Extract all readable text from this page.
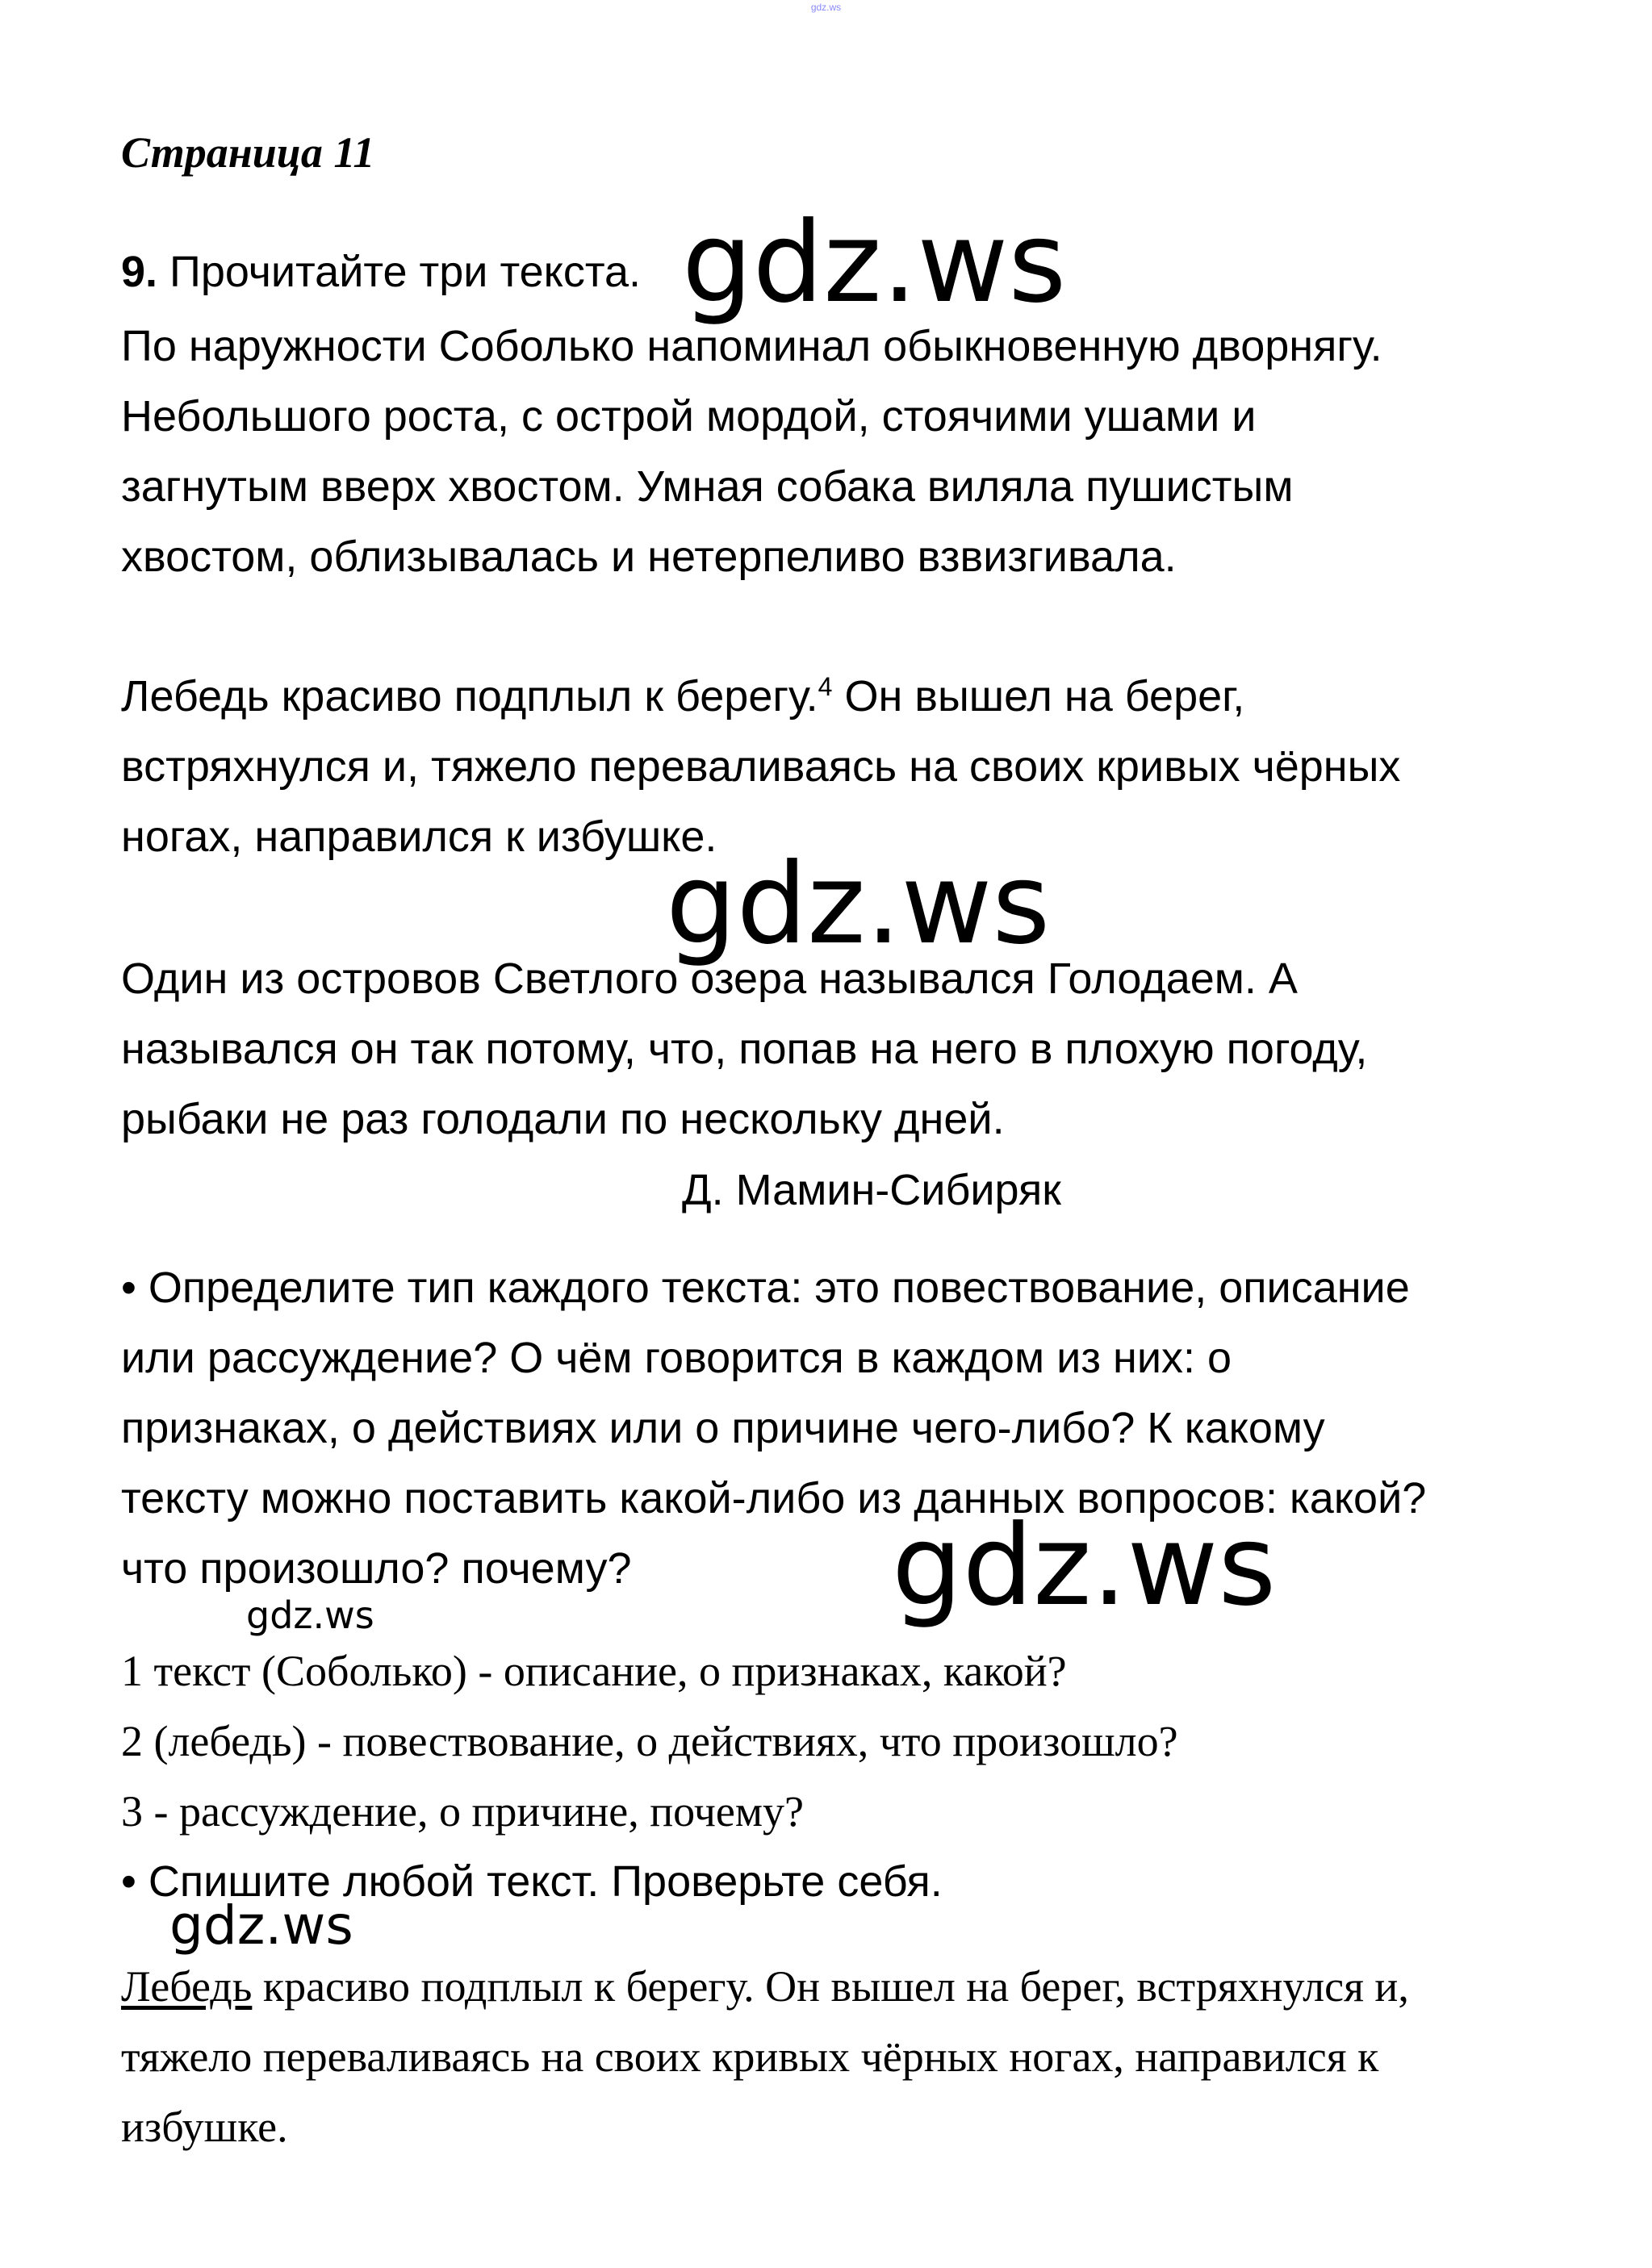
gdz.ws
Страница 11
9. Прочитайте три текста.
По наружности Соболько напоминал обыкновенную дворнягу.
Небольшого роста, с острой мордой, стоячими ушами и
загнутым вверх хвостом. Умная собака виляла пушистым
хвостом, облизывалась и нетерпеливо взвизгивала.
Лебедь красиво подплыл к берегу.$^4$ Он вышел на берег,
встряхнулся и, тяжело переваливаясь на своих кривых чёрных
ногах, направился к избушке.
Один из островов Светлого озера назывался Голодаем. А
назывался он так потому, что, попав на него в плохую погоду,
рыбаки не раз голодали по нескольку дней.
Д. Мамин-Сибиряк
• Определите тип каждого текста: это повествование, описание
или рассуждение? О чём говорится в каждом из них: о
признаках, о действиях или о причине чего-либо? К какому
тексту можно поставить какой-либо из данных вопросов: какой?
что произошло? почему?
1 текст (Соболько) - описание, о признаках, какой?
2 (лебедь) - повествование, о действиях, что произошло?
3 - рассуждение, о причине, почему?
• Спишите любой текст. Проверьте себя.
Лебедь красиво подплыл к берегу. Он вышел на берег, встряхнулся и,
тяжело переваливаясь на своих кривых чёрных ногах, направился к
избушке.
gdz.ws
gdz.ws
gdz.ws
gdz.ws
gdz.ws
